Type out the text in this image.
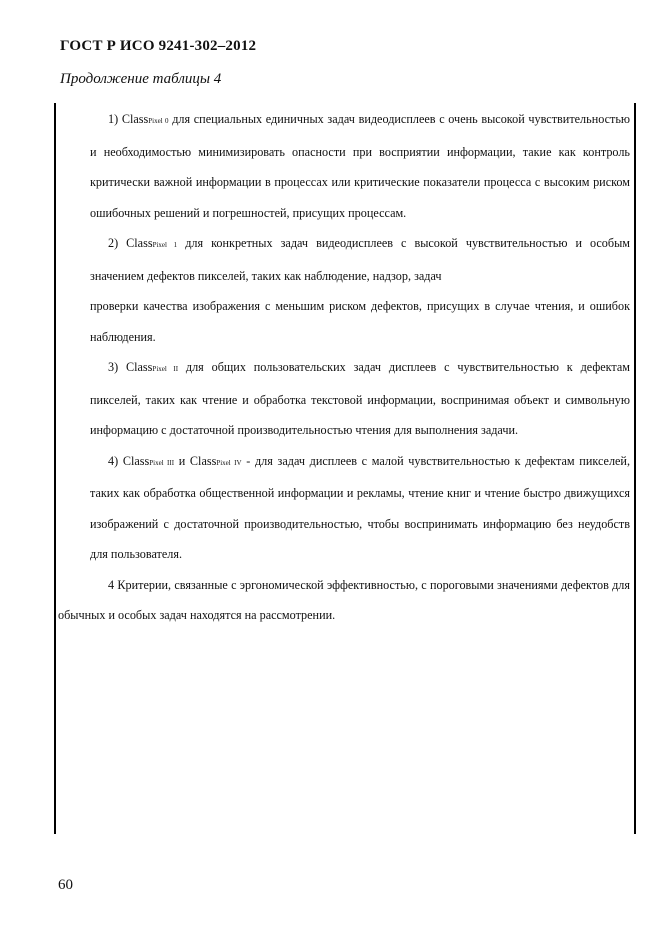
ГОСТ Р ИСО 9241-302–2012
Продолжение таблицы 4

1) ClassPixel 0 для специальных единичных задач видеодисплеев с очень высокой чувствительностью и необходимостью минимизировать опасности при восприятии информации, такие как контроль критически важной информации в процессах или критические показатели процесса с высоким риском ошибочных решений и погрешностей, присущих процессам.

2) ClassPixel 1 для конкретных задач видеодисплеев с высокой чувствительностью и особым значением дефектов пикселей, таких как наблюдение, надзор, задач

проверки качества изображения с меньшим риском дефектов, присущих в случае чтения, и ошибок наблюдения.

3) ClassPixel II для общих пользовательских задач дисплеев с чувствительностью к дефектам пикселей, таких как чтение и обработка текстовой информации, воспринимая объект и символьную информацию с достаточной производительностью чтения для выполнения задачи.

4) ClassPixel III и ClassPixel IV - для задач дисплеев с малой чувствительностью к дефектам пикселей, таких как обработка общественной информации и рекламы, чтение книг и чтение быстро движущихся изображений с достаточной производительностью, чтобы воспринимать информацию без неудобств для пользователя.

4 Критерии, связанные с эргономической эффективностью, с пороговыми значениями дефектов для обычных и особых задач находятся на рассмотрении.

60
